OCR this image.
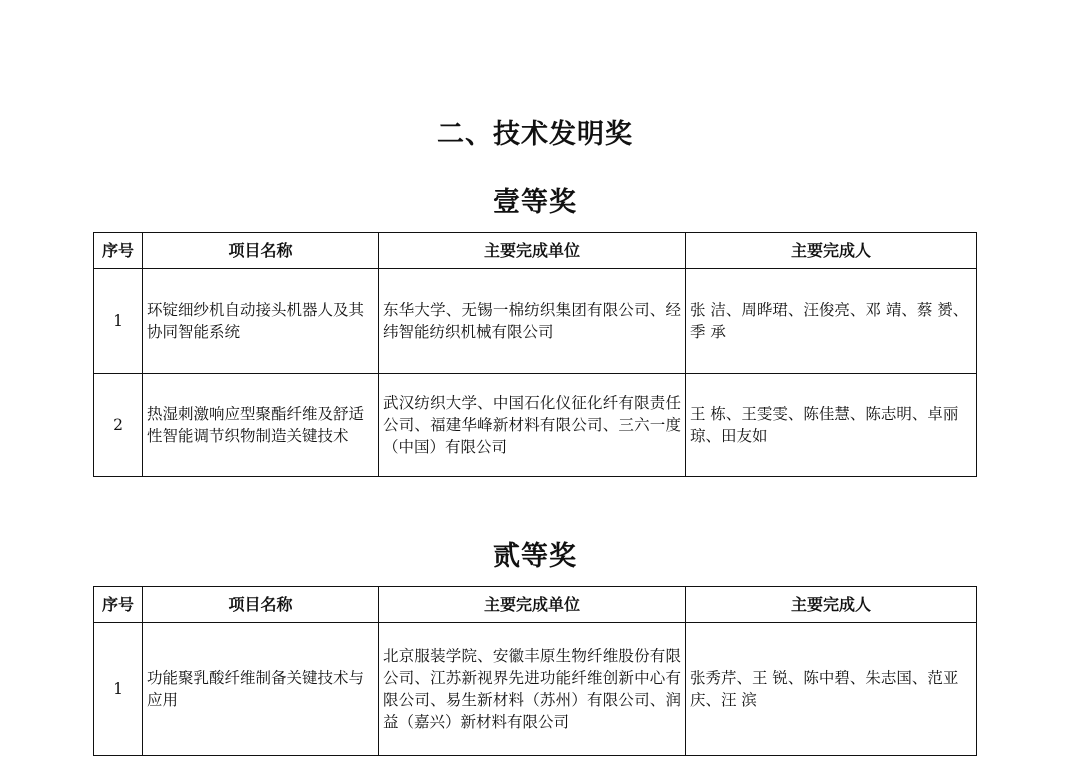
二、技术发明奖
壹等奖
序号	项目名称	主要完成单位	主要完成人
1	环锭细纱机自动接头机器人及其协同智能系统	东华大学、无锡一棉纺织集团有限公司、经纬智能纺织机械有限公司	张 洁、周晔珺、汪俊亮、邓 靖、蔡 赟、季 承
2	热湿刺激响应型聚酯纤维及舒适性智能调节织物制造关键技术	武汉纺织大学、中国石化仪征化纤有限责任公司、福建华峰新材料有限公司、三六一度（中国）有限公司	王 栋、王雯雯、陈佳慧、陈志明、卓丽琼、田友如
贰等奖
序号	项目名称	主要完成单位	主要完成人
1	功能聚乳酸纤维制备关键技术与应用	北京服装学院、安徽丰原生物纤维股份有限公司、江苏新视界先进功能纤维创新中心有限公司、易生新材料（苏州）有限公司、润益（嘉兴）新材料有限公司	张秀芹、王 锐、陈中碧、朱志国、范亚庆、汪 滨
